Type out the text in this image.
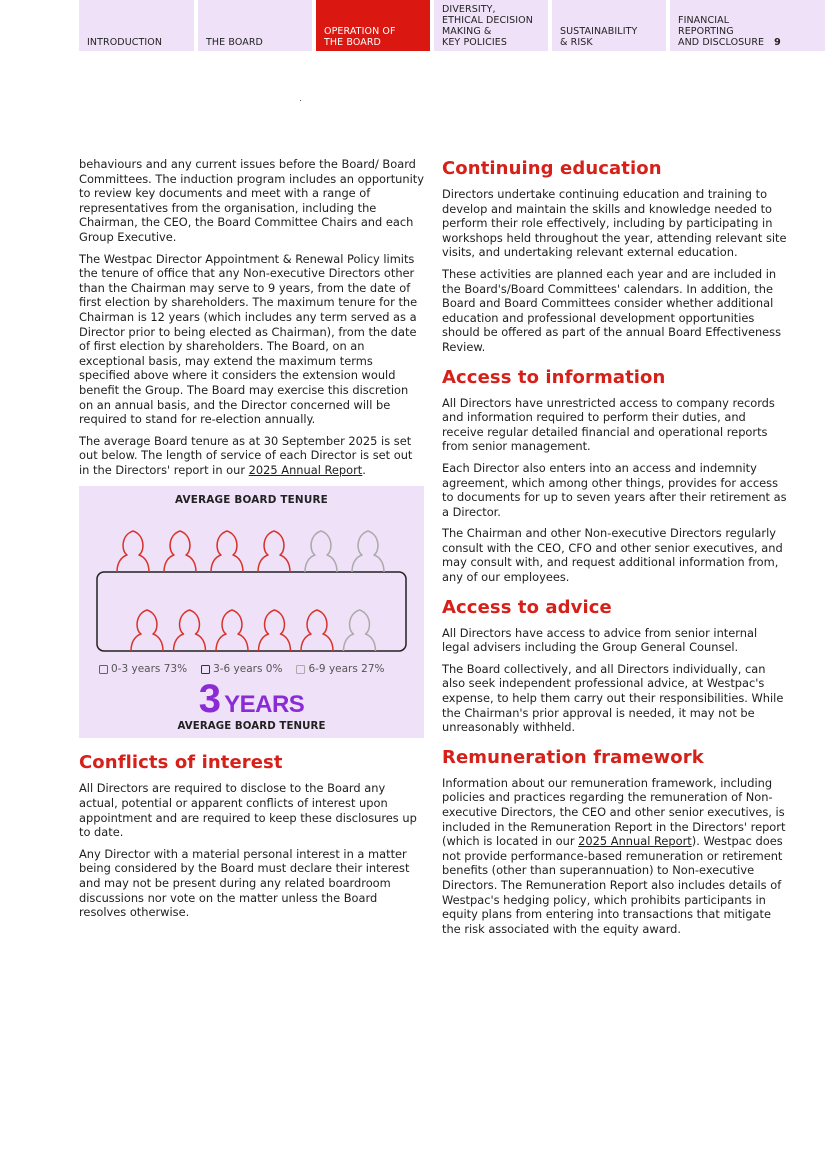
INTRODUCTION	THE BOARD
OPERATION OF
THE BOARD
DIVERSITY,
ETHICAL DECISION
MAKING &
KEY POLICIES
SUSTAINABILITY
& RISK
FINANCIAL
REPORTING
AND DISCLOSURE 9

behaviours and any current issues before the Board/ Board Committees. The induction program includes an opportunity to review key documents and meet with a range of representatives from the organisation, including the Chairman, the CEO, the Board Committee Chairs and each Group Executive.

The Westpac Director Appointment & Renewal Policy limits the tenure of office that any Non-executive Directors other than the Chairman may serve to 9 years, from the date of first election by shareholders. The maximum tenure for the Chairman is 12 years (which includes any term served as a Director prior to being elected as Chairman), from the date of first election by shareholders. The Board, on an exceptional basis, may extend the maximum terms specified above where it considers the extension would benefit the Group. The Board may exercise this discretion on an annual basis, and the Director concerned will be required to stand for re-election annually.

The average Board tenure as at 30 September 2025 is set out below. The length of service of each Director is set out in the Directors' report in our 2025 Annual Report.

AVERAGE BOARD TENURE
0-3 years 73% 3-6 years 0% 6-9 years 27%
3 YEARS
AVERAGE BOARD TENURE
Conflicts of interest

All Directors are required to disclose to the Board any actual, potential or apparent conflicts of interest upon appointment and are required to keep these disclosures up to date.

Any Director with a material personal interest in a matter being considered by the Board must declare their interest and may not be present during any related boardroom discussions nor vote on the matter unless the Board resolves otherwise.

Continuing education

Directors undertake continuing education and training to develop and maintain the skills and knowledge needed to perform their role effectively, including by participating in workshops held throughout the year, attending relevant site visits, and undertaking relevant external education.

These activities are planned each year and are included in the Board's/Board Committees' calendars. In addition, the Board and Board Committees consider whether additional education and professional development opportunities should be offered as part of the annual Board Effectiveness Review.

Access to information

All Directors have unrestricted access to company records and information required to perform their duties, and receive regular detailed financial and operational reports from senior management.

Each Director also enters into an access and indemnity agreement, which among other things, provides for access to documents for up to seven years after their retirement as a Director.

The Chairman and other Non-executive Directors regularly consult with the CEO, CFO and other senior executives, and may consult with, and request additional information from, any of our employees.

Access to advice

All Directors have access to advice from senior internal legal advisers including the Group General Counsel.

The Board collectively, and all Directors individually, can also seek independent professional advice, at Westpac's expense, to help them carry out their responsibilities. While the Chairman's prior approval is needed, it may not be unreasonably withheld.

Remuneration framework

Information about our remuneration framework, including policies and practices regarding the remuneration of Non-executive Directors, the CEO and other senior executives, is included in the Remuneration Report in the Directors' report (which is located in our 2025 Annual Report). Westpac does not provide performance-based remuneration or retirement benefits (other than superannuation) to Non-executive Directors. The Remuneration Report also includes details of Westpac's hedging policy, which prohibits participants in equity plans from entering into transactions that mitigate the risk associated with the equity award.
